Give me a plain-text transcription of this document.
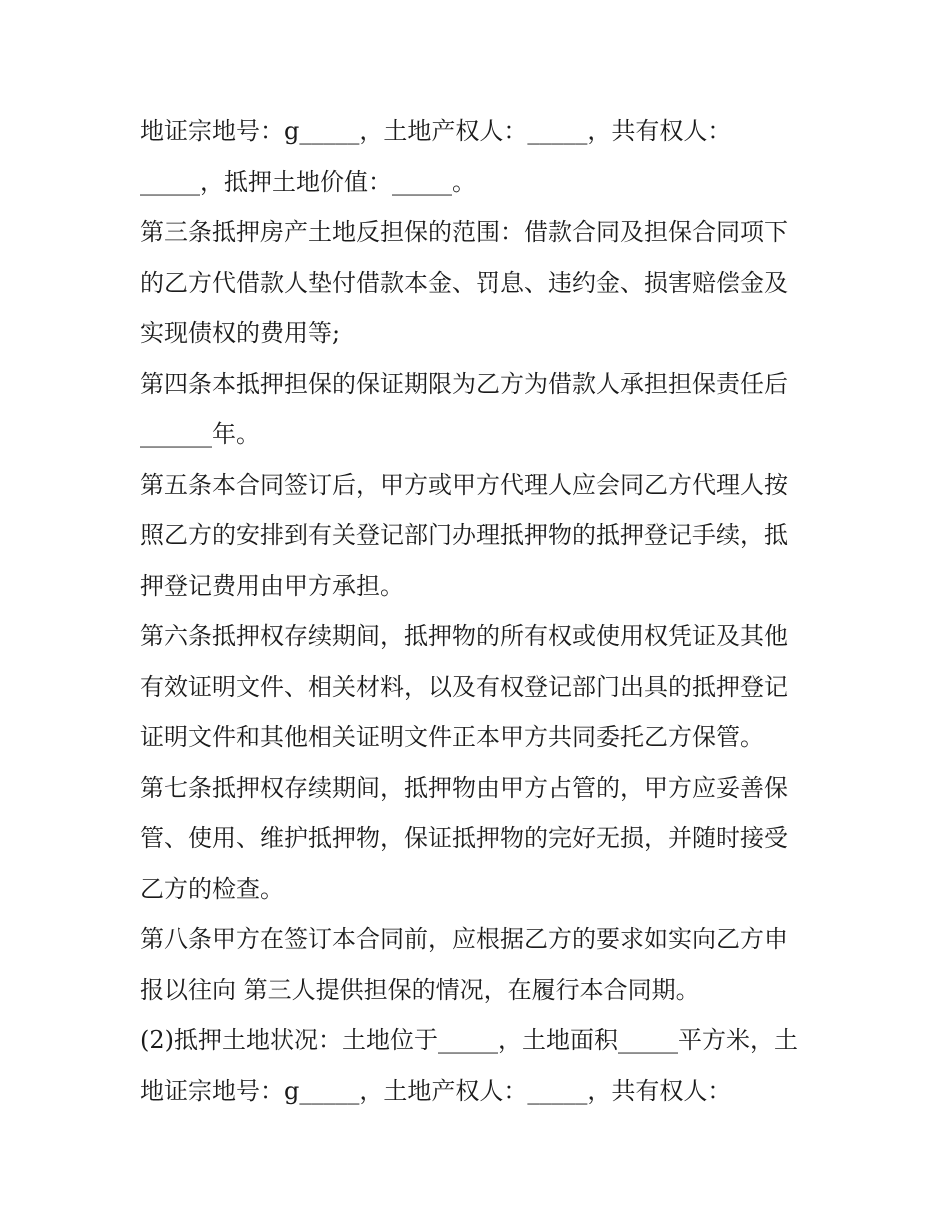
地证宗地号：g_____，土地产权人：_____，共有权人：
_____，抵押土地价值：_____。
第三条抵押房产土地反担保的范围：借款合同及担保合同项下
的乙方代借款人垫付借款本金、罚息、违约金、损害赔偿金及
实现债权的费用等;
第四条本抵押担保的保证期限为乙方为借款人承担担保责任后
______年。
第五条本合同签订后，甲方或甲方代理人应会同乙方代理人按
照乙方的安排到有关登记部门办理抵押物的抵押登记手续，抵
押登记费用由甲方承担。
第六条抵押权存续期间，抵押物的所有权或使用权凭证及其他
有效证明文件、相关材料，以及有权登记部门出具的抵押登记
证明文件和其他相关证明文件正本甲方共同委托乙方保管。
第七条抵押权存续期间，抵押物由甲方占管的，甲方应妥善保
管、使用、维护抵押物，保证抵押物的完好无损，并随时接受
乙方的检查。
第八条甲方在签订本合同前，应根据乙方的要求如实向乙方申
报以往向 第三人提供担保的情况，在履行本合同期。
(2)抵押土地状况：土地位于_____，土地面积_____平方米，土
地证宗地号：g_____，土地产权人：_____，共有权人：
